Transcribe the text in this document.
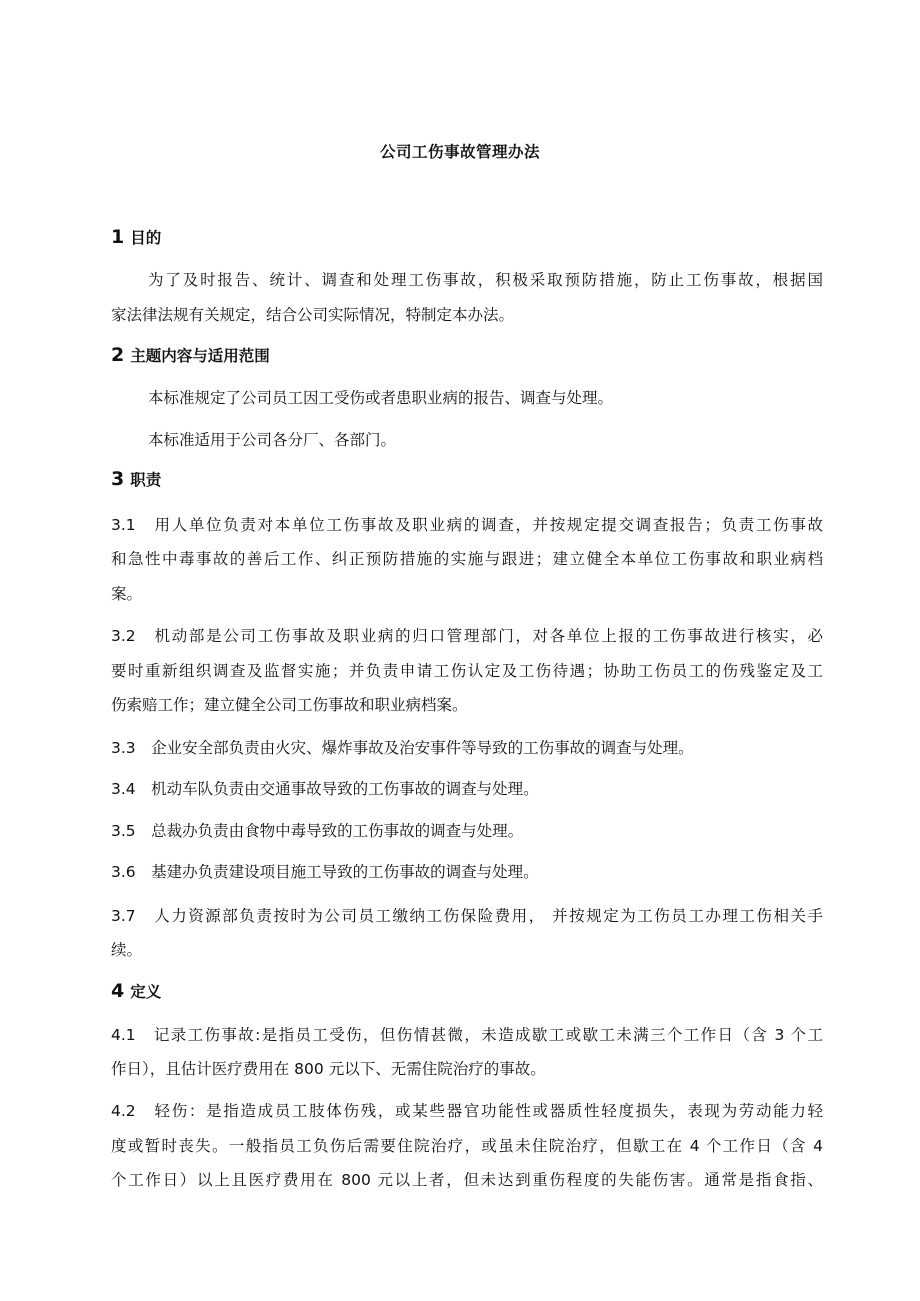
公司工伤事故管理办法
1 目的
为了及时报告、统计、调查和处理工伤事故，积极采取预防措施，防止工伤事故，根据国
家法律法规有关规定，结合公司实际情况，特制定本办法。
2 主题内容与适用范围
本标准规定了公司员工因工受伤或者患职业病的报告、调查与处理。
本标准适用于公司各分厂、各部门。
3 职责
3.1　用人单位负责对本单位工伤事故及职业病的调查，并按规定提交调查报告；负责工伤事故
和急性中毒事故的善后工作、纠正预防措施的实施与跟进；建立健全本单位工伤事故和职业病档
案。
3.2　机动部是公司工伤事故及职业病的归口管理部门，对各单位上报的工伤事故进行核实，必
要时重新组织调查及监督实施；并负责申请工伤认定及工伤待遇；协助工伤员工的伤残鉴定及工
伤索赔工作；建立健全公司工伤事故和职业病档案。
3.3　企业安全部负责由火灾、爆炸事故及治安事件等导致的工伤事故的调查与处理。
3.4　机动车队负责由交通事故导致的工伤事故的调查与处理。
3.5　总裁办负责由食物中毒导致的工伤事故的调查与处理。
3.6　基建办负责建设项目施工导致的工伤事故的调查与处理。
3.7　人力资源部负责按时为公司员工缴纳工伤保险费用， 并按规定为工伤员工办理工伤相关手
续。
4 定义
4.1　记录工伤事故:是指员工受伤，但伤情甚微，未造成歇工或歇工未满三个工作日（含 3 个工
作日），且估计医疗费用在 800 元以下、无需住院治疗的事故。
4.2　轻伤：是指造成员工肢体伤残，或某些器官功能性或器质性轻度损失，表现为劳动能力轻
度或暂时丧失。一般指员工负伤后需要住院治疗，或虽未住院治疗，但歇工在 4 个工作日（含 4
个工作日）以上且医疗费用在 800 元以上者，但未达到重伤程度的失能伤害。通常是指食指、
